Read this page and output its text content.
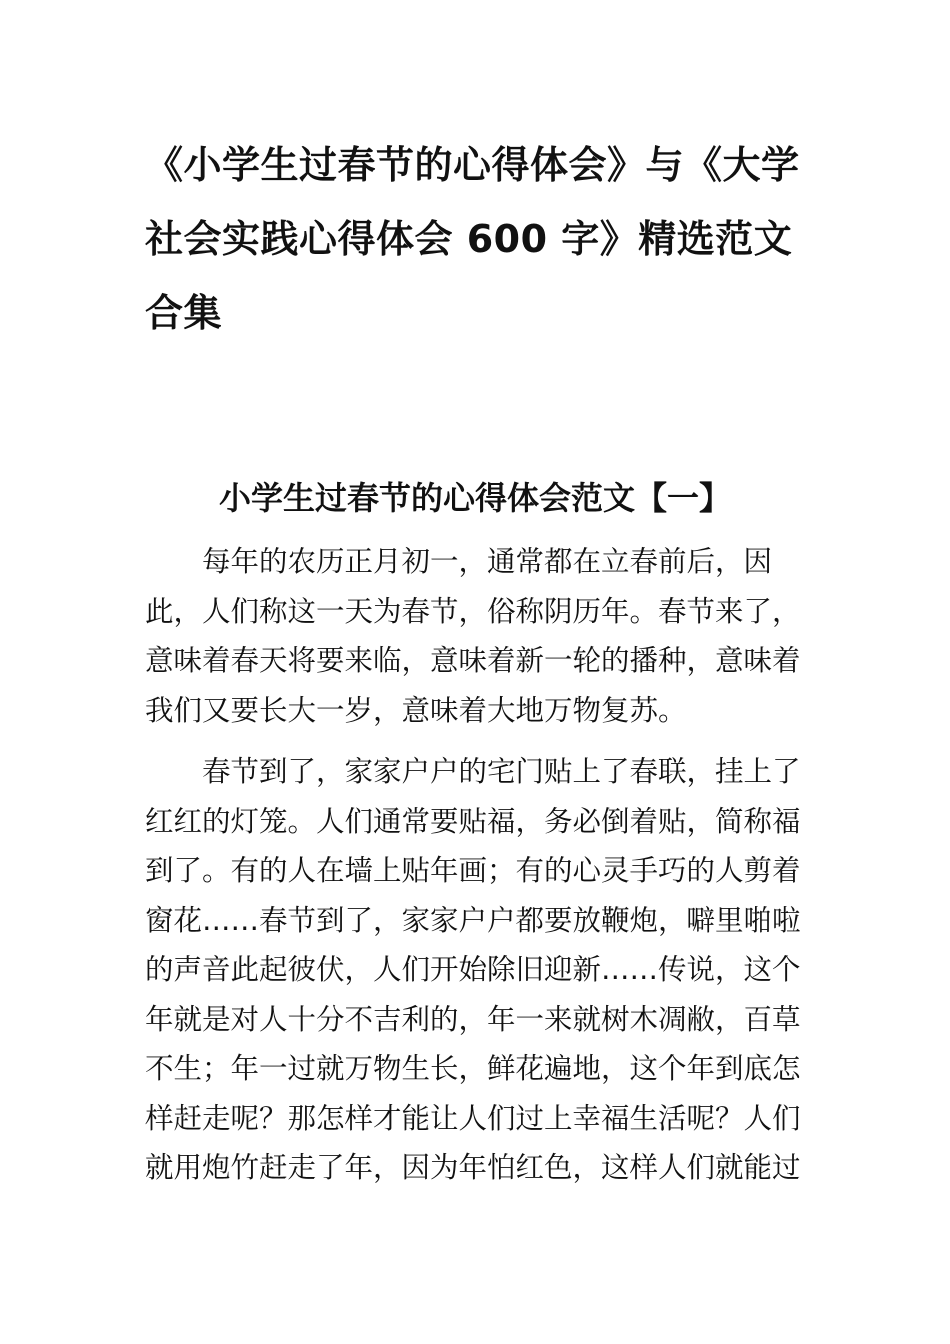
《小学生过春节的心得体会》与《大学社会实践心得体会 600 字》精选范文合集
小学生过春节的心得体会范文【一】

每年的农历正月初一，通常都在立春前后，因此，人们称这一天为春节，俗称阴历年。春节来了，意味着春天将要来临，意味着新一轮的播种，意味着我们又要长大一岁，意味着大地万物复苏。

春节到了，家家户户的宅门贴上了春联，挂上了红红的灯笼。人们通常要贴福，务必倒着贴，简称福到了。有的人在墙上贴年画；有的心灵手巧的人剪着窗花……春节到了，家家户户都要放鞭炮，噼里啪啦的声音此起彼伏，人们开始除旧迎新……传说，这个年就是对人十分不吉利的，年一来就树木凋敝，百草不生；年一过就万物生长，鲜花遍地，这个年到底怎样赶走呢？那怎样才能让人们过上幸福生活呢？人们就用炮竹赶走了年，因为年怕红色，这样人们就能过
